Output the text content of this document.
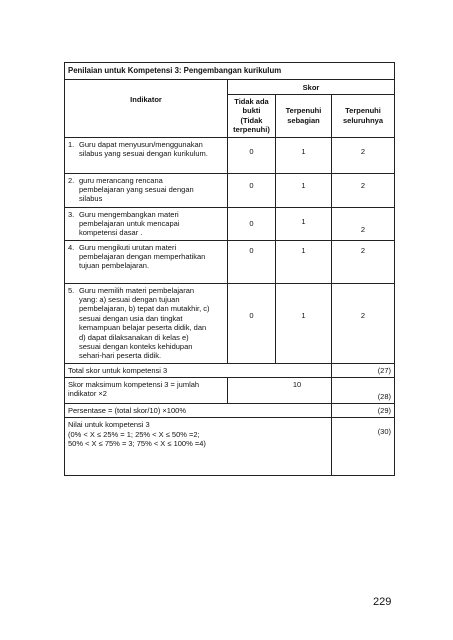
Penilaian untuk Kompetensi 3: Pengembangan kurikulum			
Indikator	Skor		
	Tidak ada bukti (Tidak terpenuhi)	Terpenuhi sebagian	Terpenuhi seluruhnya

1. Guru dapat menyusun/menggunakan silabus yang sesuai dengan kurikulum.	0	1	2

2. guru merancang rencana pembelajaran yang sesuai dengan silabus	0	1	2

3. Guru mengembangkan materi pembelajaran untuk mencapai kompetensi dasar .	0	1	2

4. Guru mengikuti urutan materi pembelajaran dengan memperhatikan tujuan pembelajaran.	0	1	2

5. Guru memilih materi pembelajaran yang: a) sesuai dengan tujuan pembelajaran, b) tepat dan mutakhir, c) sesuai dengan usia dan tingkat kemampuan belajar peserta didik, dan d) dapat dilaksanakan di kelas e) sesuai dengan konteks kehidupan sehari-hari peserta didik.	0	1	2
Total skor untuk kompetensi 3			(27)
Skor maksimum kompetensi 3 = jumlah indikator ×2	10		(28)
Persentase = (total skor/10) ×100%			(29)

Nilai untuk kompetensi 3

(0% < X ≤ 25% = 1; 25% < X ≤ 50% =2;

50% < X ≤ 75% = 3; 75% < X ≤ 100% =4)			(30)
229
